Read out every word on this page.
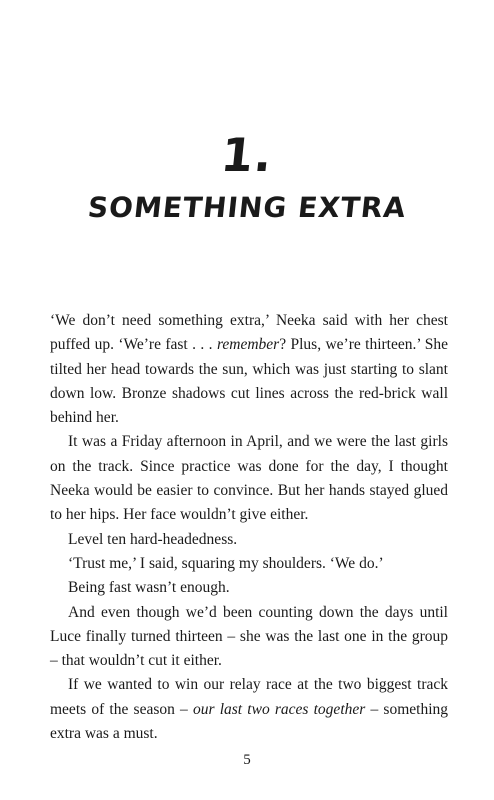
1.
SOMETHING EXTRA

‘We don’t need something extra,’ Neeka said with her chest puffed up. ‘We’re fast . . . remember? Plus, we’re thirteen.’ She tilted her head towards the sun, which was just starting to slant down low. Bronze shadows cut lines across the red-brick wall behind her.

It was a Friday afternoon in April, and we were the last girls on the track. Since practice was done for the day, I thought Neeka would be easier to convince. But her hands stayed glued to her hips. Her face wouldn’t give either.

Level ten hard-headedness.

‘Trust me,’ I said, squaring my shoulders. ‘We do.’

Being fast wasn’t enough.

And even though we’d been counting down the days until Luce finally turned thirteen – she was the last one in the group – that wouldn’t cut it either.

If we wanted to win our relay race at the two biggest track meets of the season – our last two races together – something extra was a must.

5
